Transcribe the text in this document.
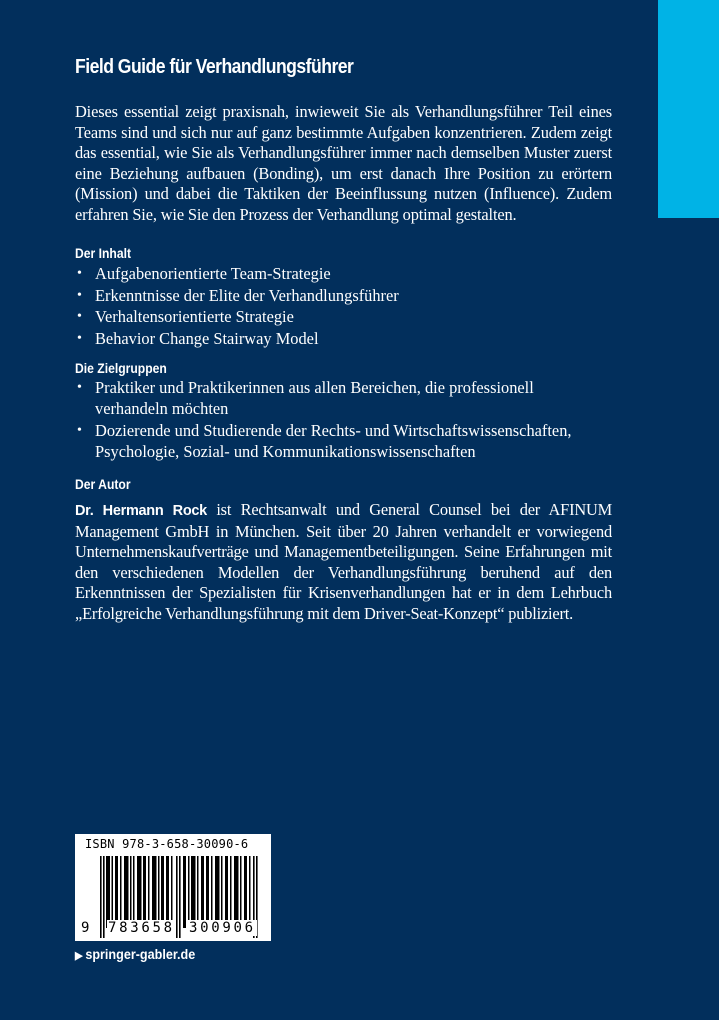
Field Guide für Verhandlungsführer
Dieses essential zeigt praxisnah, inwieweit Sie als Verhandlungsführer Teil eines Teams sind und sich nur auf ganz bestimmte Aufgaben konzentrieren. Zudem zeigt das essential, wie Sie als Verhandlungsführer immer nach demselben Muster zuerst eine Beziehung aufbauen (Bonding), um erst danach Ihre Position zu erörtern (Mission) und dabei die Taktiken der Beeinflussung nutzen (Influence). Zudem erfahren Sie, wie Sie den Prozess der Verhandlung optimal gestalten.
Der Inhalt
• Aufgabenorientierte Team-Strategie
• Erkenntnisse der Elite der Verhandlungsführer
• Verhaltensorientierte Strategie
• Behavior Change Stairway Model
Die Zielgruppen
• Praktiker und Praktikerinnen aus allen Bereichen, die professionell verhandeln möchten
• Dozierende und Studierende der Rechts- und Wirtschaftswissenschaften, Psychologie, Sozial- und Kommunikationswissenschaften
Der Autor
Dr. Hermann Rock ist Rechtsanwalt und General Counsel bei der AFINUM Management GmbH in München. Seit über 20 Jahren verhandelt er vorwiegend Unternehmenskaufverträge und Managementbeteiligungen. Seine Erfahrungen mit den verschiedenen Modellen der Verhandlungsführung beruhend auf den Erkenntnissen der Spezialisten für Krisenverhandlungen hat er in dem Lehrbuch „Erfolgreiche Verhandlungsführung mit dem Driver-Seat-Konzept“ publiziert.
ISBN 978-3-658-30090-6
9 783658 300906
▶ springer-gabler.de
